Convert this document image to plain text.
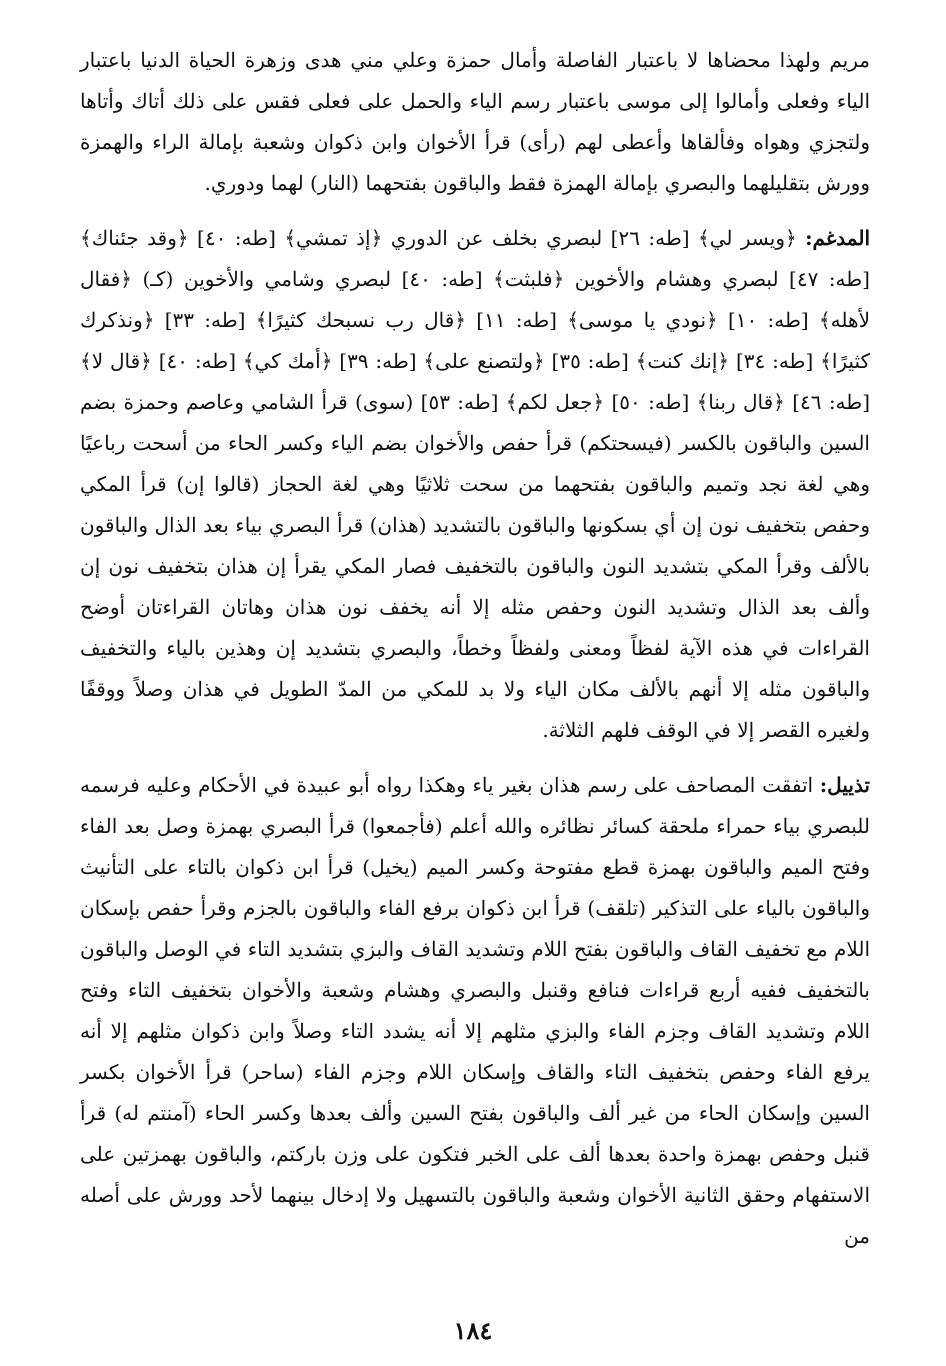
مريم ولهذا محضاها لا باعتبار الفاصلة وأمال حمزة وعلي مني هدى وزهرة الحياة الدنيا باعتبار الياء وفعلى وأمالوا إلى موسى باعتبار رسم الياء والحمل على فعلى فقس على ذلك أتاك وأتاها ولتجزي وهواه وفألقاها وأعطى لهم (رأى) قرأ الأخوان وابن ذكوان وشعبة بإمالة الراء والهمزة وورش بتقليلهما والبصري بإمالة الهمزة فقط والباقون بفتحهما (النار) لهما ودوري.

المدغم: ﴿ويسر لي﴾ [طه: ٢٦] لبصري بخلف عن الدوري ﴿إذ تمشي﴾ [طه: ٤٠] ﴿وقد جئناك﴾ [طه: ٤٧] لبصري وهشام والأخوين ﴿فلبثت﴾ [طه: ٤٠] لبصري وشامي والأخوين (كـ) ﴿فقال لأهله﴾ [طه: ١٠] ﴿نودي يا موسى﴾ [طه: ١١] ﴿قال رب نسبحك كثيرًا﴾ [طه: ٣٣] ﴿ونذكرك كثيرًا﴾ [طه: ٣٤] ﴿إنك كنت﴾ [طه: ٣٥] ﴿ولتصنع على﴾ [طه: ٣٩] ﴿أمك كي﴾ [طه: ٤٠] ﴿قال لا﴾ [طه: ٤٦] ﴿قال ربنا﴾ [طه: ٥٠] ﴿جعل لكم﴾ [طه: ٥٣] (سوى) قرأ الشامي وعاصم وحمزة بضم السين والباقون بالكسر (فيسحتكم) قرأ حفص والأخوان بضم الياء وكسر الحاء من أسحت رباعيًا وهي لغة نجد وتميم والباقون بفتحهما من سحت ثلاثيًا وهي لغة الحجاز (قالوا إن) قرأ المكي وحفص بتخفيف نون إن أي بسكونها والباقون بالتشديد (هذان) قرأ البصري بياء بعد الذال والباقون بالألف وقرأ المكي بتشديد النون والباقون بالتخفيف فصار المكي يقرأ إن هذان بتخفيف نون إن وألف بعد الذال وتشديد النون وحفص مثله إلا أنه يخفف نون هذان وهاتان القراءتان أوضح القراءات في هذه الآية لفظاً ومعنى ولفظاً وخطاً، والبصري بتشديد إن وهذين بالياء والتخفيف والباقون مثله إلا أنهم بالألف مكان الياء ولا بد للمكي من المدّ الطويل في هذان وصلاً ووقفًا ولغيره القصر إلا في الوقف فلهم الثلاثة.

تذييل: اتفقت المصاحف على رسم هذان بغير ياء وهكذا رواه أبو عبيدة في الأحكام وعليه فرسمه للبصري بياء حمراء ملحقة كسائر نظائره والله أعلم (فأجمعوا) قرأ البصري بهمزة وصل بعد الفاء وفتح الميم والباقون بهمزة قطع مفتوحة وكسر الميم (يخيل) قرأ ابن ذكوان بالتاء على التأنيث والباقون بالياء على التذكير (تلقف) قرأ ابن ذكوان برفع الفاء والباقون بالجزم وقرأ حفص بإسكان اللام مع تخفيف القاف والباقون بفتح اللام وتشديد القاف والبزي بتشديد التاء في الوصل والباقون بالتخفيف ففيه أربع قراءات فنافع وقنبل والبصري وهشام وشعبة والأخوان بتخفيف التاء وفتح اللام وتشديد القاف وجزم الفاء والبزي مثلهم إلا أنه يشدد التاء وصلاً وابن ذكوان مثلهم إلا أنه يرفع الفاء وحفص بتخفيف التاء والقاف وإسكان اللام وجزم الفاء (ساحر) قرأ الأخوان بكسر السين وإسكان الحاء من غير ألف والباقون بفتح السين وألف بعدها وكسر الحاء (آمنتم له) قرأ قنبل وحفص بهمزة واحدة بعدها ألف على الخبر فتكون على وزن باركتم، والباقون بهمزتين على الاستفهام وحقق الثانية الأخوان وشعبة والباقون بالتسهيل ولا إدخال بينهما لأحد وورش على أصله من

١٨٤
